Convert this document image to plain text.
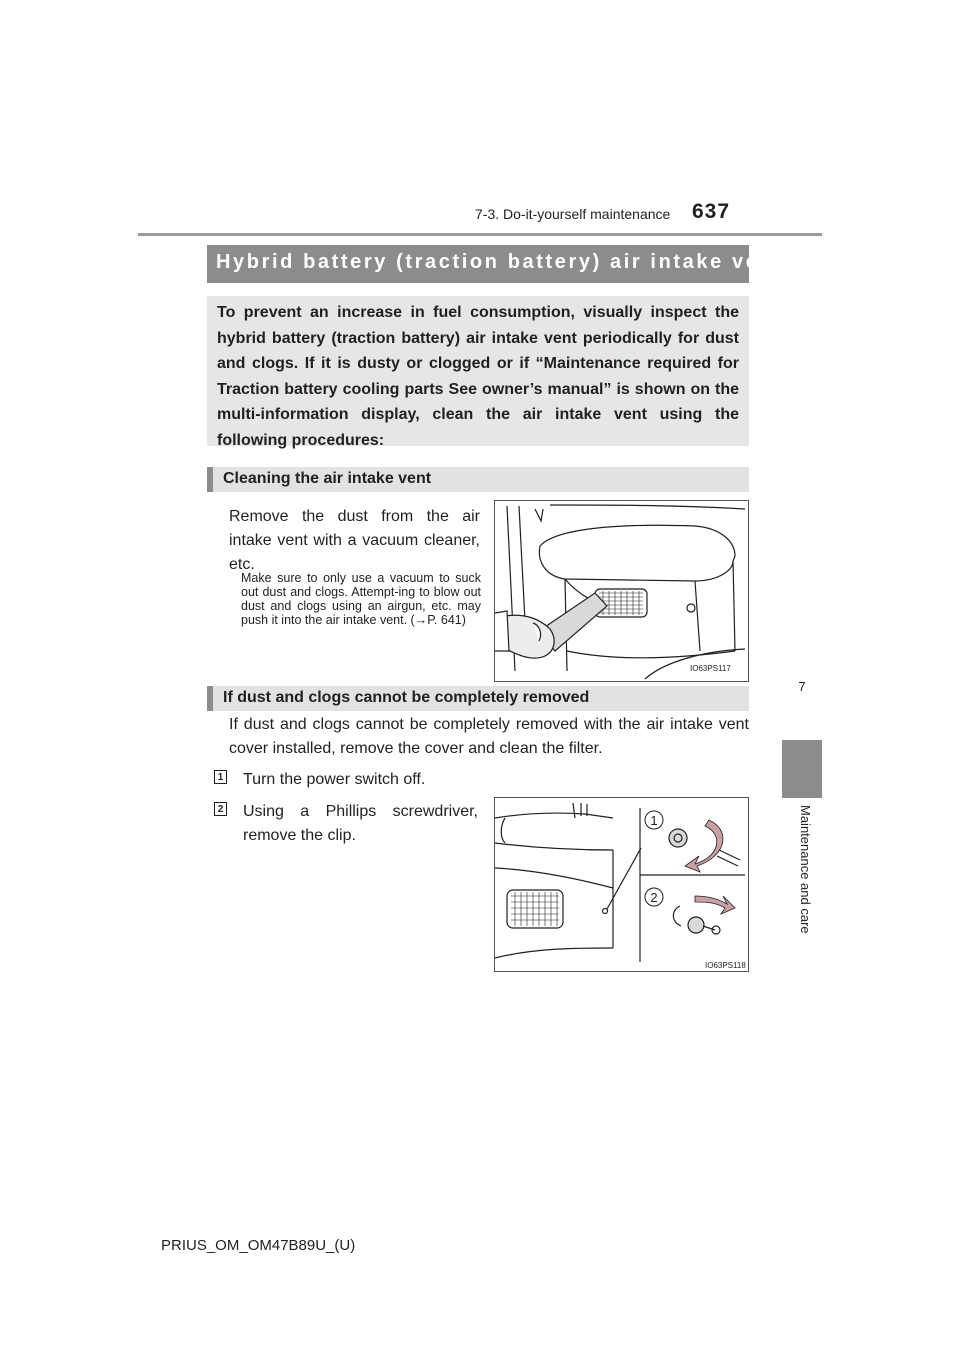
7-3. Do-it-yourself maintenance 637
7
Maintenance and care
Hybrid battery (traction battery) air intake vent
To prevent an increase in fuel consumption, visually inspect the hybrid battery (traction battery) air intake vent periodically for dust and clogs. If it is dusty or clogged or if “Maintenance required for Traction battery cooling parts See owner’s manual” is shown on the multi-information display, clean the air intake vent using the following procedures:
Cleaning the air intake vent
Remove the dust from the air intake vent with a vacuum cleaner, etc.
Make sure to only use a vacuum to suck out dust and clogs. Attempt-ing to blow out dust and clogs using an airgun, etc. may push it into the air intake vent. (→P. 641)
IO63PS117
If dust and clogs cannot be completely removed
If dust and clogs cannot be completely removed with the air intake vent cover installed, remove the cover and clean the filter.
1 Turn the power switch off.
2 Using a Phillips screwdriver, remove the clip.
1
2
IO63PS118
PRIUS_OM_OM47B89U_(U)
